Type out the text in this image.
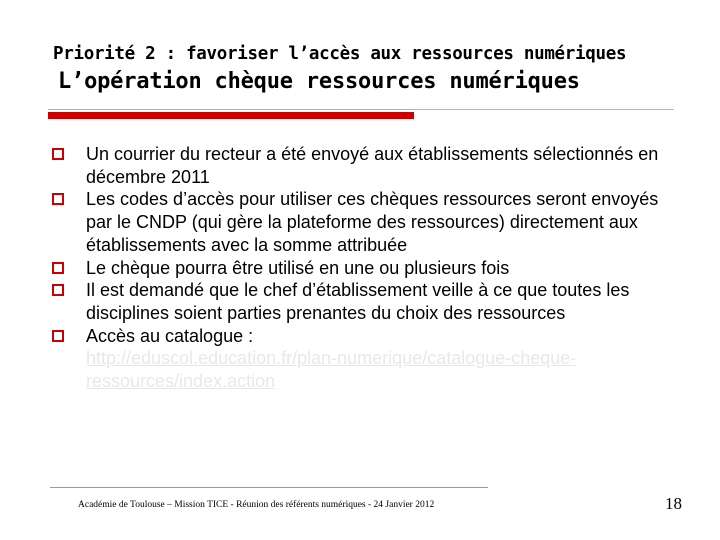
Priorité 2 : favoriser l’accès aux ressources numériques
L’opération chèque ressources numériques
Un courrier du recteur a été envoyé aux établissements sélectionnés en décembre 2011
Les codes d’accès pour utiliser ces chèques ressources seront envoyés par le CNDP (qui gère la plateforme des ressources) directement aux établissements avec la somme attribuée
Le chèque pourra être utilisé en une ou plusieurs fois
Il est demandé que le chef d’établissement veille à ce que toutes les disciplines soient parties prenantes du choix des ressources
Accès au catalogue :
http://eduscol.education.fr/plan-numerique/catalogue-cheque-ressources/index.action
Académie de Toulouse – Mission TICE - Réunion des référents numériques - 24 Janvier 2012	18
